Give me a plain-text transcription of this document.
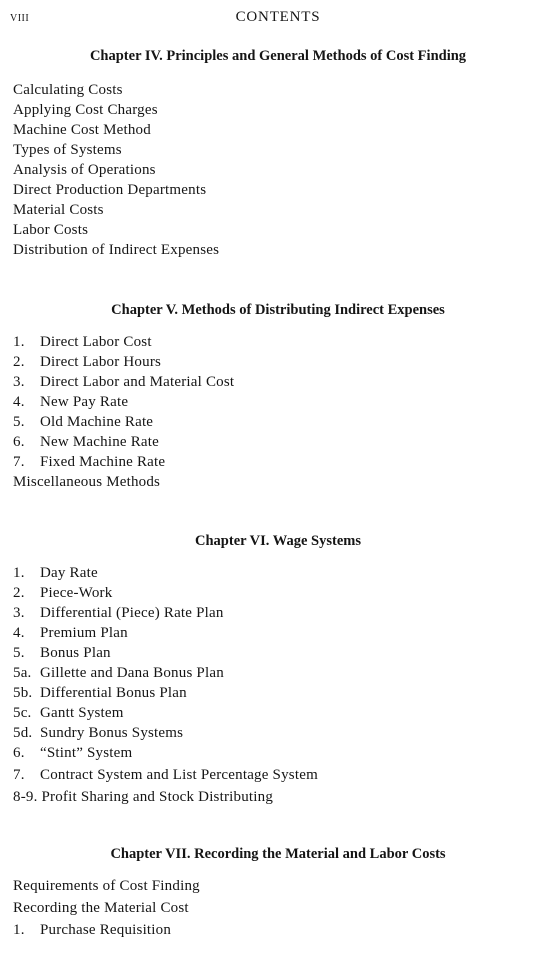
VIII	CONTENTS
Chapter IV. Principles and General Methods of Cost Finding
Calculating Costs
Applying Cost Charges
Machine Cost Method
Types of Systems
Analysis of Operations
Direct Production Departments
Material Costs
Labor Costs
Distribution of Indirect Expenses
Chapter V. Methods of Distributing Indirect Expenses
1. Direct Labor Cost
2. Direct Labor Hours
3. Direct Labor and Material Cost
4. New Pay Rate
5. Old Machine Rate
6. New Machine Rate
7. Fixed Machine Rate
Miscellaneous Methods
Chapter VI. Wage Systems
1. Day Rate
2. Piece-Work
3. Differential (Piece) Rate Plan
4. Premium Plan
5. Bonus Plan
5a. Gillette and Dana Bonus Plan
5b. Differential Bonus Plan
5c. Gantt System
5d. Sundry Bonus Systems
6. “Stint” System
7. Contract System and List Percentage System
8-9. Profit Sharing and Stock Distributing
Chapter VII. Recording the Material and Labor Costs
Requirements of Cost Finding
Recording the Material Cost
1. Purchase Requisition
